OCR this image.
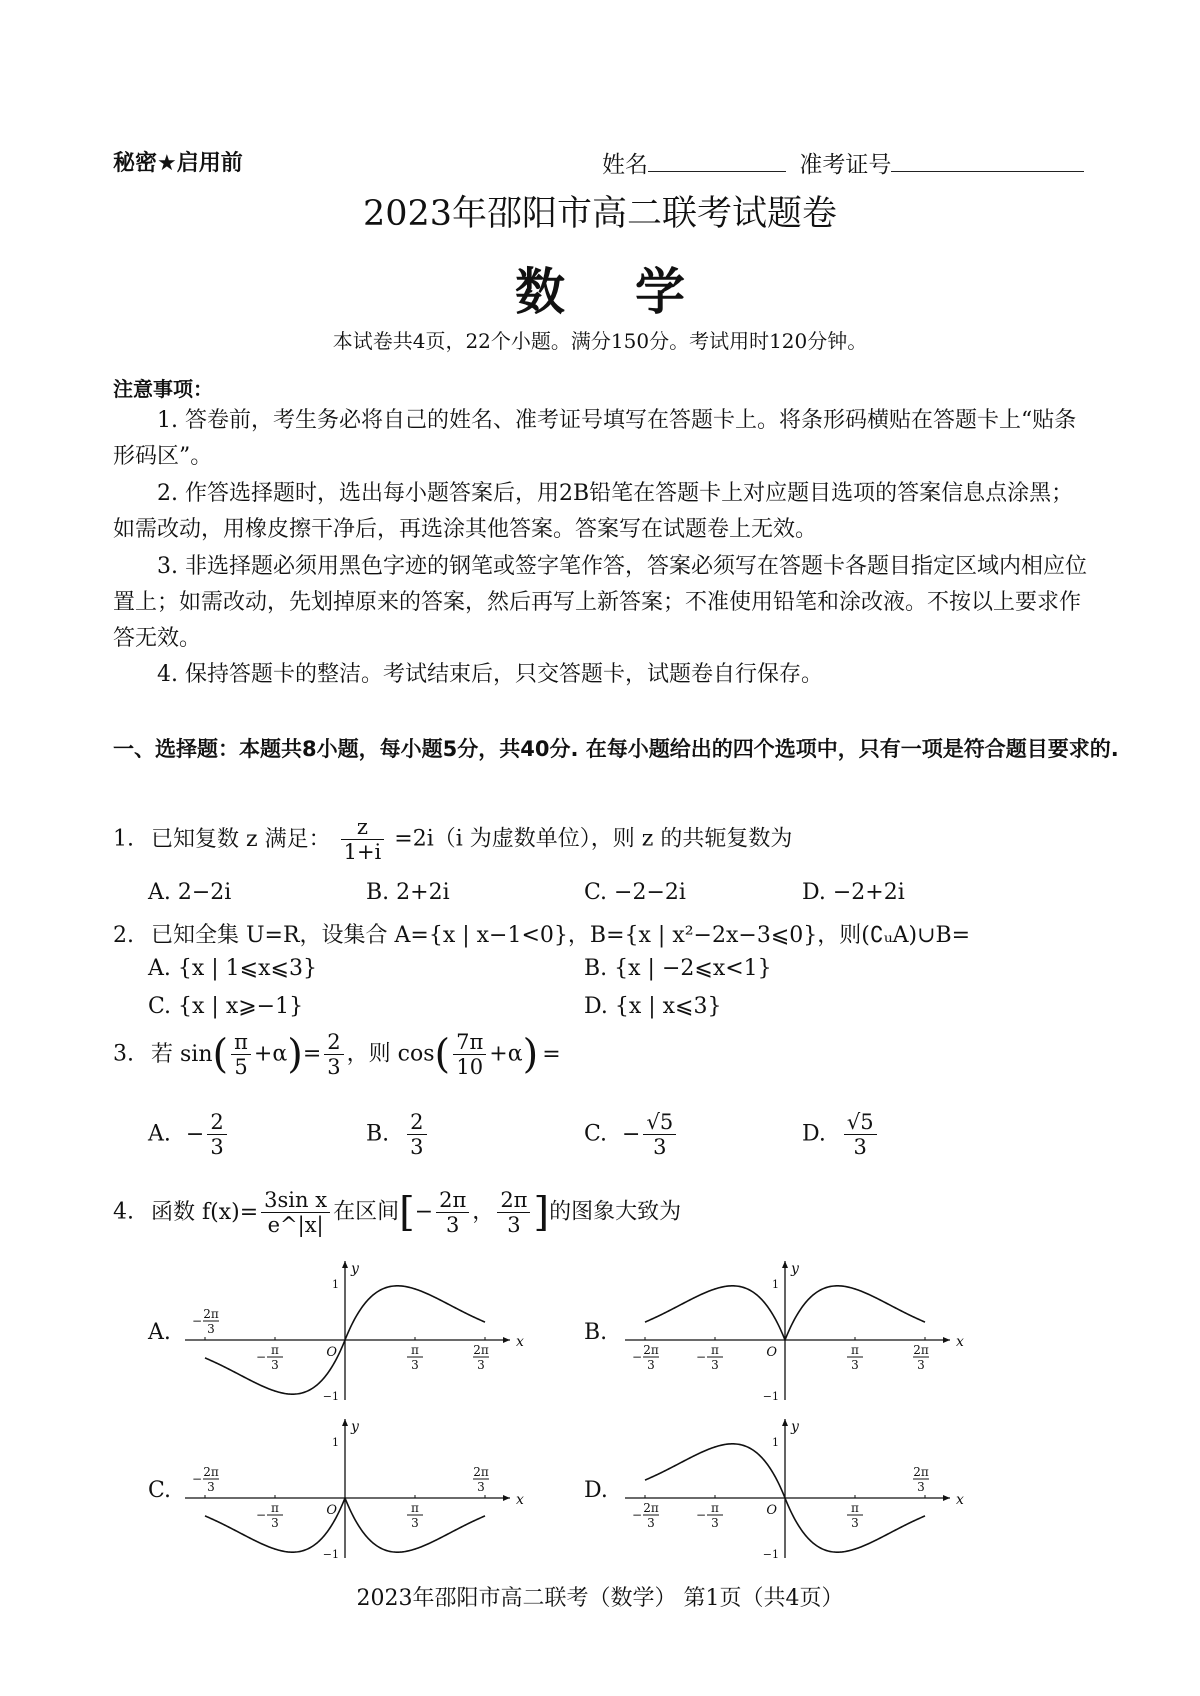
秘密★启用前	姓名	准考证号
2023年邵阳市高二联考试题卷
数学
本试卷共4页，22个小题。满分150分。考试用时120分钟。
注意事项：
1. 答卷前，考生务必将自己的姓名、准考证号填写在答题卡上。将条形码横贴在答题卡上“贴条形码区”。
2. 作答选择题时，选出每小题答案后，用2B铅笔在答题卡上对应题目选项的答案信息点涂黑；如需改动，用橡皮擦干净后，再选涂其他答案。答案写在试题卷上无效。
3. 非选择题必须用黑色字迹的钢笔或签字笔作答，答案必须写在答题卡各题目指定区域内相应位置上；如需改动，先划掉原来的答案，然后再写上新答案；不准使用铅笔和涂改液。不按以上要求作答无效。
4. 保持答题卡的整洁。考试结束后，只交答题卡，试题卷自行保存。
一、选择题：本题共8小题，每小题5分，共40分. 在每小题给出的四个选项中，只有一项是符合题目要求的.
1. 已知复数 z 满足： $\frac{z}{1+i} =2i(i$ 为虚数单位），则 z 的共轭复数为
A. 2−2i	B. 2+2i	C. −2−2i	D. −2+2i
2. 已知全集 U=R，设集合 A={x | x−1<0}，B={x | x²−2x−3⩽0}，则(∁ᵤA)∪B=
A. {x | 1⩽x⩽3}	B. {x | −2⩽x<1}
C. {x | x⩾−1}	D. {x | x⩽3}
3. 若 $\sin( \frac{\pi}{5} +\alpha)= \frac{2}{3}$ ，则 $\cos( \frac{7\pi}{10} +\alpha)$ =
A. − $\frac{2}{3}$	B. $\frac{2}{3}$	C. − $\frac{√5}{3}$	D. $\frac{√5}{3}$
4. 函数 $f(x)= \frac{\text{3sin x}}{e\^{}|x|}$ 在区间[− $\frac{2\pi}{3}$ ， $\frac{2\pi}{3}$ ]的图象大致为
A.	B.
C.	D.
x
y
O
1
−1
π
3
−	π
3
2π
3
−
2π
3
x
y
O
1
−1
π
3
−	π
3
2π
3
−	2π
3
x
y
O
1
−1
π
3
−	π
3
2π
3
−	2π
3
x
y
O
1
−1
π
3
−	π
3
2π
3
−
2π
3
2023年邵阳市高二联考（数学） 第1页（共4页）
